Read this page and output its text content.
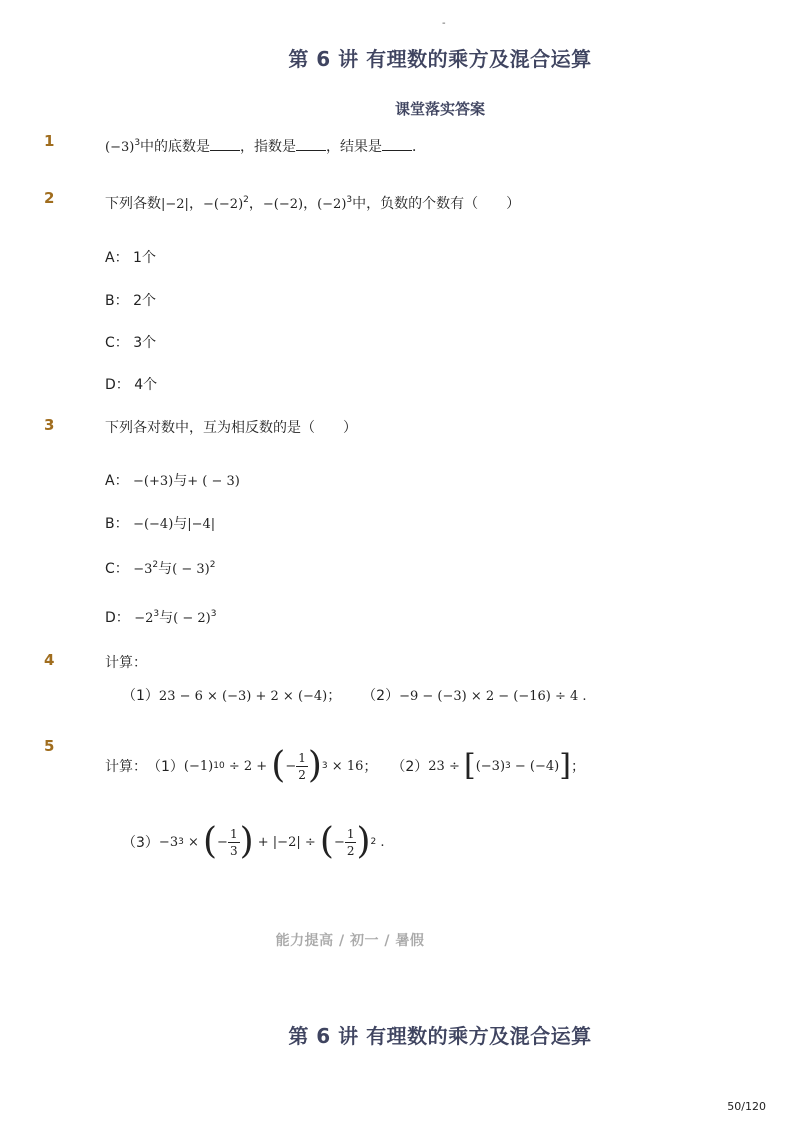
-
第 6 讲 有理数的乘方及混合运算
课堂落实答案
1	$(-3)^3$中的底数是 ，指数是 ，结果是 ．
2	下列各数|−2|，$-(-2)^2$，−(−2)，$(-2)^3$中，负数的个数有（　　）
A： 1个
B： 2个
C： 3个
D： 4个
3	下列各对数中，互为相反数的是（　　）
A： −(+3)与+ ( − 3)
B： −(−4)与|−4|
C： $-3^2$与( − 3)$^2$
D： $-2^3$与( − 2)$^3$
4	计算：
（1）23 − 6 × (−3) + 2 × (−4)； （2）−9 − (−3) × 2 − (−16) ÷ 4 .
5
计算： （1） (−1) 10 ÷ 2 + ( − $\frac{1}{2}$ ) 3 × 16 ； （2） 23 ÷ [ (−3) 3 − (−4) ] ；
（3） −3 3 × ( − $\frac{1}{3}$ ) + |−2| ÷ ( − $\frac{1}{2}$ ) 2 .
能力提高 / 初一 / 暑假
第 6 讲 有理数的乘方及混合运算
50/120
